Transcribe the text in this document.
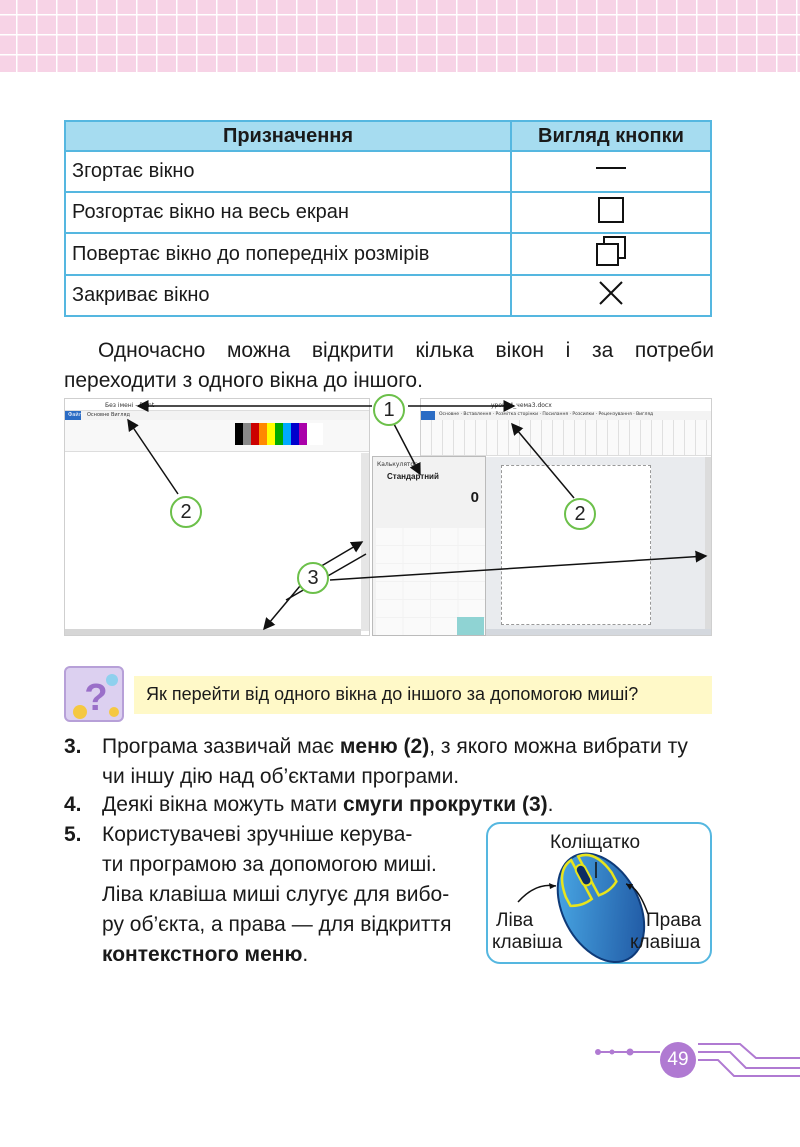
Призначення	Вигляд кнопки
Згортає вікно	
Розгортає вікно на весь екран	
Повертає вікно до попередніх розмірів	
Закриває вікно	

Одночасно можна відкрити кілька вікон і за потреби переходити з одного вікна до іншого.

Без імені - Paint
Файл Основне Вигляд
урок14_чема3.docx
Основне · Вставлення · Розмітка сторінки · Посилання · Розсилки · Рецензування · Вигляд
Калькулятор
Стандартний
0
1
2	2
3
?	Як перейти від одного вікна до іншого за допомогою миші?
3. Програма зазвичай має меню (2), з якого можна вибрати ту
чи іншу дію над об’єктами програми.
4. Деякі вікна можуть мати смуги прокрутки (3).
5. Користувачеві зручніше керува-
ти програмою за допомогою миші.
Ліва клавіша миші слугує для вибо-
ру об’єкта, а права — для відкриття
контекстного меню.
Коліщатко
Ліва
клавіша
Права
клавіша
49
